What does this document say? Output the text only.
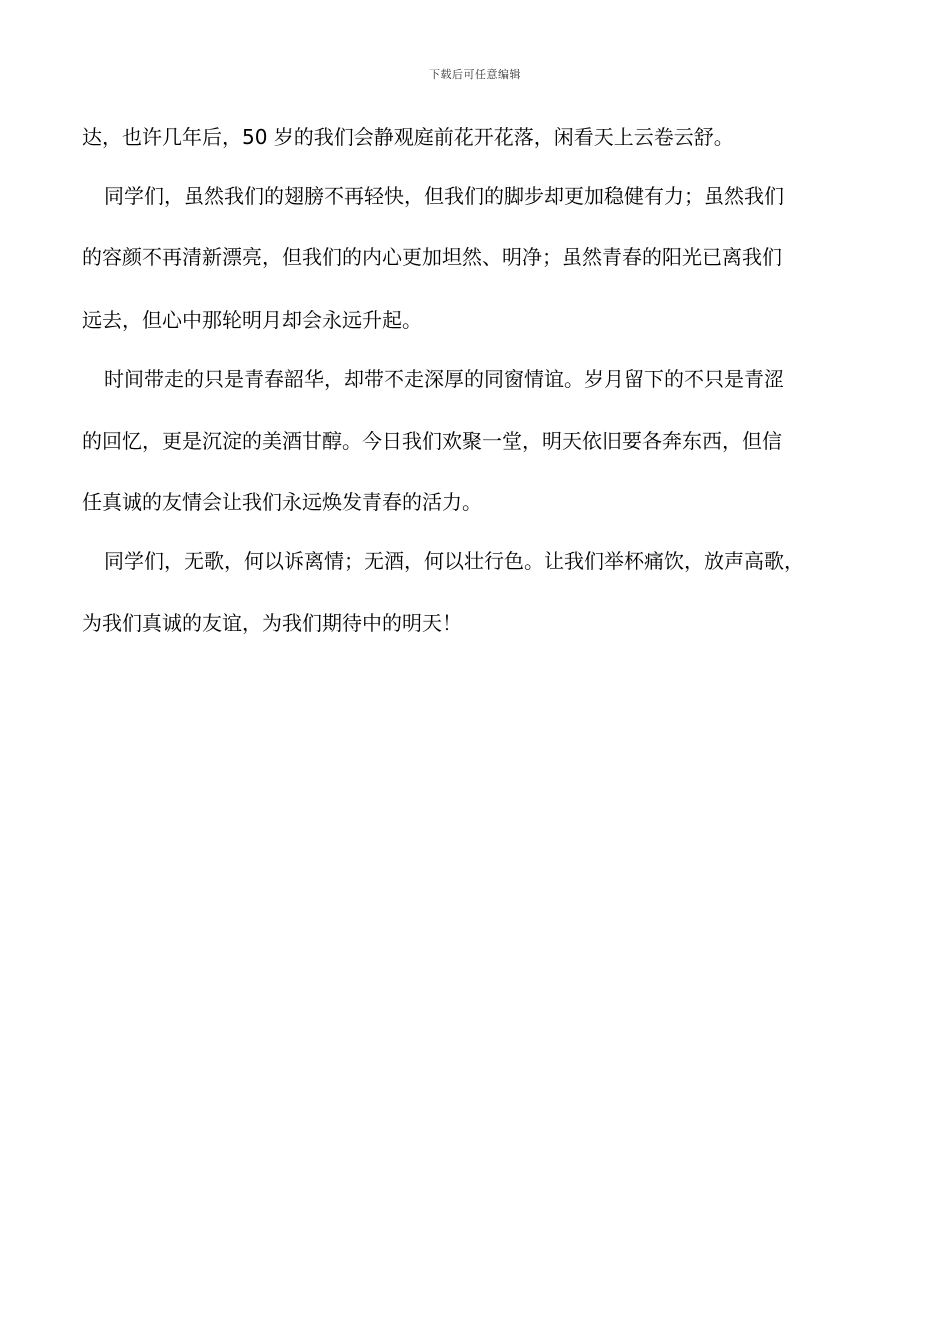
下载后可任意编辑
达，也许几年后，50 岁的我们会静观庭前花开花落，闲看天上云卷云舒。
同学们，虽然我们的翅膀不再轻快，但我们的脚步却更加稳健有力；虽然我们
的容颜不再清新漂亮，但我们的内心更加坦然、明净；虽然青春的阳光已离我们
远去，但心中那轮明月却会永远升起。
时间带走的只是青春韶华，却带不走深厚的同窗情谊。岁月留下的不只是青涩
的回忆，更是沉淀的美酒甘醇。今日我们欢聚一堂，明天依旧要各奔东西，但信
任真诚的友情会让我们永远焕发青春的活力。
同学们，无歌，何以诉离情；无酒，何以壮行色。让我们举杯痛饮，放声高歌，
为我们真诚的友谊，为我们期待中的明天！
